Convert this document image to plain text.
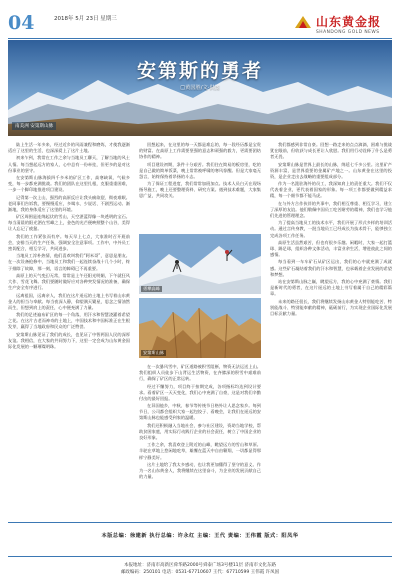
04	2018年 5月 23日 星期三	山东黄金报
SHANDONG GOLD NEWS
安第斯的勇者
□黄国胜/文·供图
南美洲 安第斯山脉

陆上生活一年多来，经过近乡的风雨兼程和磨炼，才使我逐渐适应了这里的生活，也深深爱上了这片土地。

初来乍到，我常在工作之余与当地员工聊天，了解当地的风土人情。每当想起远方的家人，心中总有一份牵挂，但更多的是对这份事业的坚守。

在安第斯山脉海拔四千多米的矿区工作，高寒缺氧、气候多变，每一步都充满挑战。我们的团队在这里扎根，克服重重困难，一步一个脚印地推进项目建设。

记得第一次上山，强烈的高原反应让我头痛欲裂、彻夜难眠。老同事们告诉我，要慢慢适应，多喝水、少说话、不剧烈运动。渐渐地，我的身体适应了这里的环境。

矿区周围是连绵起伏的雪山，天空湛蓝得像一块透明的宝石。每当清晨的阳光洒在雪峰之上，金色的光芒便映照整个山谷，美得让人忘记了疲惫。

我们的工作紧张而有序。每天早上七点，大家准时召开班前会，安排当天的生产任务，强调安全注意事项。工作中，中外员工密切配合，相互学习，共同进步。

当地员工淳朴热情，他们喜欢叫我们“阿米哥”，意思是朋友。在一次设备抢修中，当地员工和我们一起连续奋战十几个小时，终于排除了故障，那一刻，语言的障碍已不再重要。

高原上的天气变幻无常，常常是上午还阳光明媚，下午就狂风大作、雪花飞舞。我们要随时做好应对各种突发情况的准备，确保生产安全有序进行。

远离祖国，远离亲人，我们在这片遥远的土地上书写着山东黄金人的担当与奉献。每当夜深人静，仰望满天繁星，思念之情油然而生，但想到肩上的责任，心中便充满了力量。

我们的足迹遍布矿区的每一个角落，用汗水和智慧浇灌着希望之花。在这片古老而神奇的土地上，中国技术和中国标准正在生根发芽，赢得了当地政府和民众的广泛赞誉。

安第斯山脉见证了我们的成长，也见证了中智两国人民的深厚友谊。我相信，在大家的共同努力下，这里一定会成为山东黄金国际化发展的一颗璀璨明珠。

回想起来，在这里的每一天都是难忘的，每一段经历都是宝贵的财富。在高原上工作需要坚强的意志和顽强的毅力，更需要团结协作的精神。

项目建设初期，条件十分艰苦。我们住在简易的板房里，吃的是自己做的简单饭菜，晚上常常被呼啸的寒风惊醒。但是大家毫无怨言，始终保持着昂扬的斗志。

为了保证工程进度，我们常常加班加点。技术人员白天在现场指导施工，晚上还要整理资料、研究方案。遇到技术难题，大家集思广益，共同攻关。

勇攀高峰
安第斯山脉

在一次暴风雪中，矿区道路被积雪阻断，物资无法运送上山。我们组织人员徒步下山背运生活物资，在齐膝深的积雪中艰难前行，确保了矿区的正常运转。

经过不懈努力，项目终于按期完成，各项指标均达到设计要求。看着矿区一天天变化，我们心中充满了自豪，这是对我们辛勤付出的最好回报。

在异国他乡，中秋、春节等传统节日格外让人思念家乡。每到节日，公司都会组织大家一起包饺子、看晚会，让我们在遥远的安第斯山脉也能感受到家的温暖。

我们还积极融入当地社会，参与社区建设，资助当地学校，帮助贫困家庭，用实际行动践行企业的社会责任，树立了中国企业的良好形象。

工作之余，我喜欢登上附近的山峰，眺望远方的雪山和草原。羊驼在草地上悠闲地吃草，雄鹰在蓝天中自由翱翔，一切都显得那样宁静美好。

这片土地给了我太多感动，也让我更加懂得了坚守的意义。作为一名山东黄金人，我将继续在这里奋斗，为企业的发展贡献自己的力量。

我们都感到非常自豪。回想一路走来的点点滴滴，困难与挑战犹在眼前，但收获与成长更让人欣慰。我们用行动诠释了什么是勇者无畏。

安第斯山脉是世界上最长的山脉，绵延七千多公里。这里矿产资源丰富，是世界重要的金属矿产地之一。山东黄金在这里的投资，是企业走出去战略的重要组成部分。

作为一名派驻海外的员工，我深知肩上的责任重大。我们不仅代表着企业，更代表着国家的形象。每一项工作都要做到精益求精，每一个细节都不能马虎。

在与外方合作伙伴的共事中，我们相互尊重、相互学习，建立了深厚的友谊。他们敬佩中国员工吃苦耐劳的精神，我们也学习他们先进的管理理念。

为了提高当地员工的技术水平，我们开展了形式多样的培训活动。通过言传身教，一批当地员工已经成长为技术骨干，能够独立完成各项工作任务。

高原生活虽然艰苦，但也有很多乐趣。闲暇时，大家一起打篮球、踢足球，组织各种文体活动，丰富业余生活，增进彼此之间的感情。

每当看到一车车矿石从矿区运出，我们的心中就充满了成就感。这些矿石凝结着我们的汗水和智慧，也承载着企业发展的希望和梦想。

站在安第斯山脉之巅，眺望远方，我的心中充满了豪情。我们是新时代的勇者，在这片遥远的土地上书写着属于自己的精彩篇章。

未来的路还很长，我们将继续发扬山东黄金人特别能吃苦、特别能战斗、特别能奉献的精神，砥砺前行，为实现企业国际化发展目标贡献力量。

本版总编：徐建新 执行总编：许永红 主编：王代 责编：王伟霞 版式：阳凤华
本报地址：济南市高新区舜华路2000号舜泰广场3号楼11层 济南市文化东路
邮政编码：250101 电话：0531-67710607 王代：67710599 王伟霞 许凤国
